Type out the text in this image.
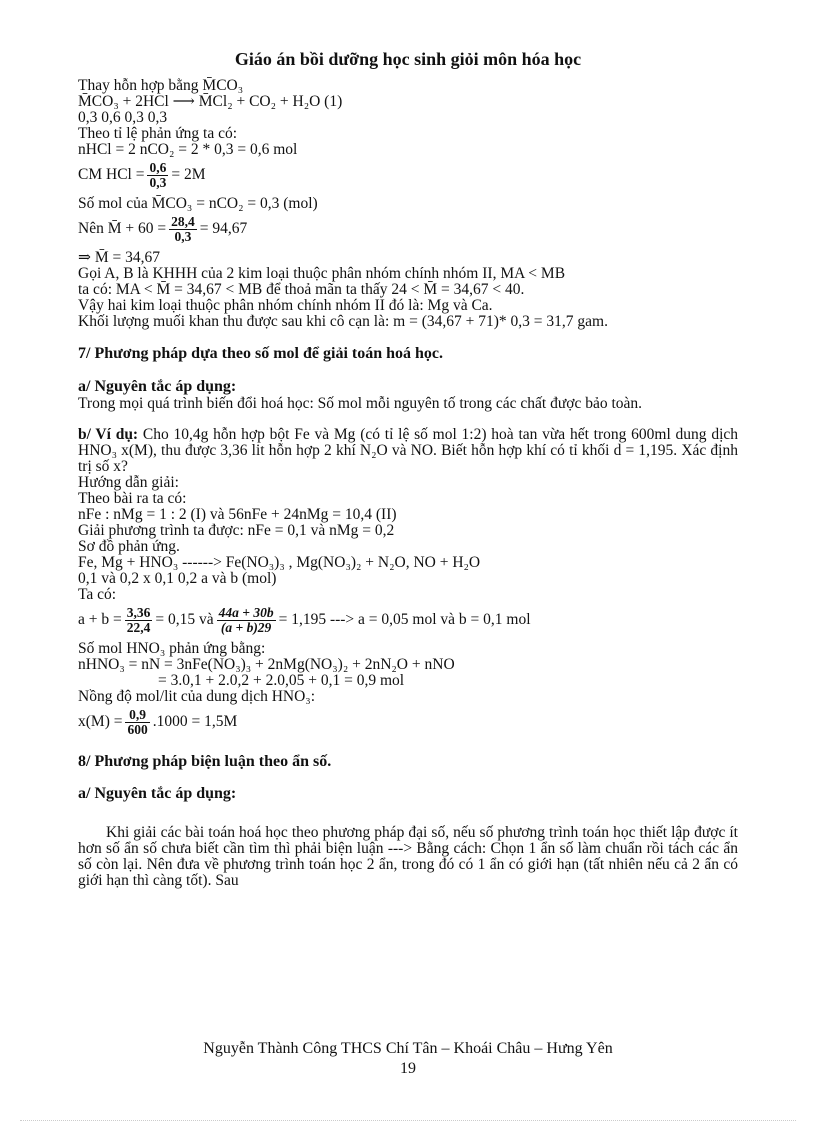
Giáo án bồi dưỡng học sinh giỏi môn hóa học
Thay hỗn hợp bằng M̄CO₃
M̄CO₃ + 2HCl ⟶ M̄Cl₂ + CO₂ + H₂O (1)
0,3 0,6 0,3 0,3
Theo tỉ lệ phản ứng ta có:
nHCl = 2 nCO₂ = 2 * 0,3 = 0,6 mol
CM HCl = $\frac{0,6}{0,3} = 2M$
Số mol của M̄CO₃ = nCO₂ = 0,3 (mol)
Nên M̄ + $60 = \frac{28,4}{0,3} = 94,67$
⇒ M̄ = 34,67
Gọi A, B là KHHH của 2 kim loại thuộc phân nhóm chính nhóm II, MA < MB
ta có: MA < M̄ = 34,67 < MB để thoả mãn ta thấy 24 < M̄ = 34,67 < 40.
Vậy hai kim loại thuộc phân nhóm chính nhóm II đó là: Mg và Ca.
Khối lượng muối khan thu được sau khi cô cạn là: m = (34,67 + 71)* 0,3 = 31,7 gam.
7/ Phương pháp dựa theo số mol để giải toán hoá học.
a/ Nguyên tắc áp dụng:
Trong mọi quá trình biến đổi hoá học: Số mol mỗi nguyên tố trong các chất được bảo toàn.
b/ Ví dụ: Cho 10,4g hỗn hợp bột Fe và Mg (có tỉ lệ số mol 1:2) hoà tan vừa hết trong 600ml dung dịch HNO₃ x(M), thu được 3,36 lit hỗn hợp 2 khí N₂O và NO. Biết hỗn hợp khí có tỉ khối d = 1,195. Xác định trị số x?
Hướng dẫn giải:
Theo bài ra ta có:
nFe : nMg = 1 : 2 (I) và 56nFe + 24nMg = 10,4 (II)
Giải phương trình ta được: nFe = 0,1 và nMg = 0,2
Sơ đồ phản ứng.
Fe, Mg + HNO₃ ------> Fe(NO₃)₃ , Mg(NO₃)₂ + N₂O, NO + H₂O
0,1 và 0,2 x 0,1 0,2 a và b (mol)
Ta có:
$a + b = \frac{3,36}{22,4} = 0,15$ và $\frac{44a + 30b}{(a + b)29} = 1,195$ ---> a = 0,05 mol và b = 0,1 mol
Số mol HNO₃ phản ứng bằng:
nHNO₃ = nN = 3nFe(NO₃)₃ + 2nMg(NO₃)₂ + 2nN₂O + nNO
= 3.0,1 + 2.0,2 + 2.0,05 + 0,1 = 0,9 mol
Nồng độ mol/lit của dung dịch HNO₃:
$x(M) = \frac{0,9}{600} .1000 = 1,5M$
8/ Phương pháp biện luận theo ẩn số.
a/ Nguyên tắc áp dụng:
Khi giải các bài toán hoá học theo phương pháp đại số, nếu số phương trình toán học thiết lập được ít hơn số ẩn số chưa biết cần tìm thì phải biện luận ---> Bằng cách: Chọn 1 ẩn số làm chuẩn rồi tách các ẩn số còn lại. Nên đưa về phương trình toán học 2 ẩn, trong đó có 1 ẩn có giới hạn (tất nhiên nếu cả 2 ẩn có giới hạn thì càng tốt). Sau
Nguyễn Thành Công THCS Chí Tân – Khoái Châu – Hưng Yên
19
